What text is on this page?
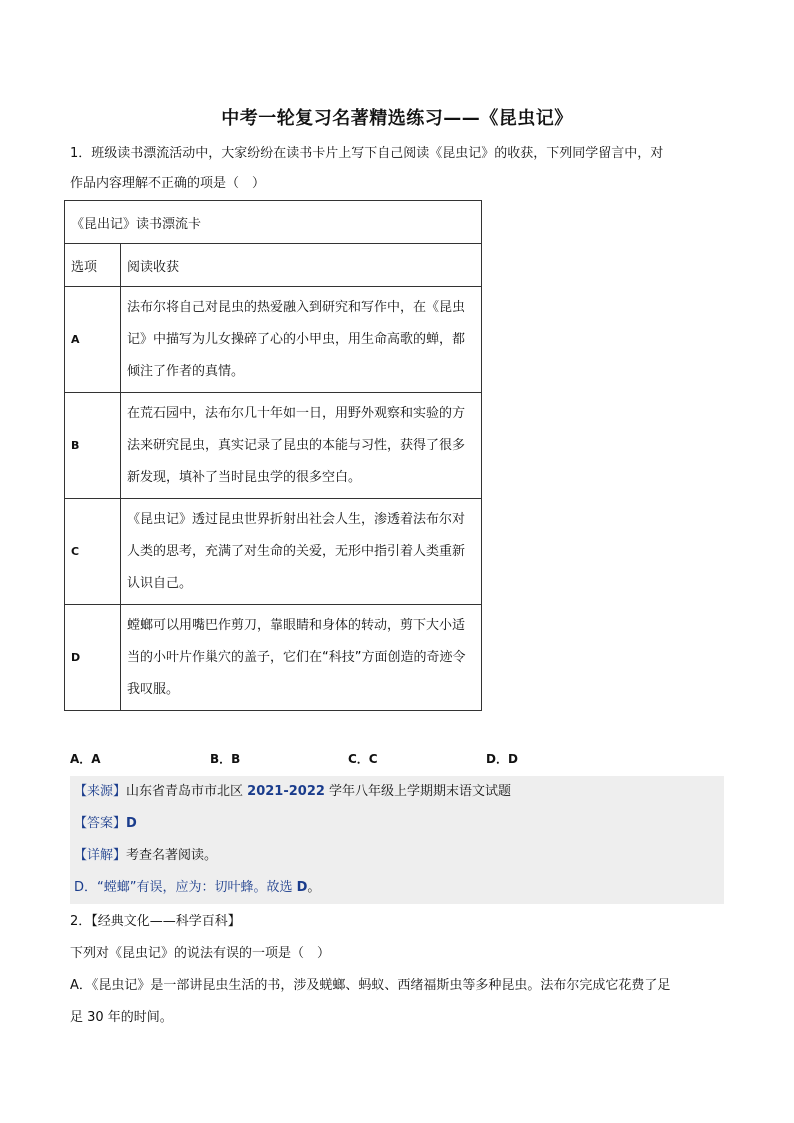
中考一轮复习名著精选练习——《昆虫记》
1．班级读书漂流活动中，大家纷纷在读书卡片上写下自己阅读《昆虫记》的收获，下列同学留言中，对
作品内容理解不正确的项是（　）
《昆出记》读书漂流卡	
选项	阅读收获
A	法布尔将自己对昆虫的热爱融入到研究和写作中，在《昆虫记》中描写为儿女操碎了心的小甲虫，用生命高歌的蝉，都倾注了作者的真情。
B	在荒石园中，法布尔几十年如一日，用野外观察和实验的方法来研究昆虫，真实记录了昆虫的本能与习性，获得了很多新发现，填补了当时昆虫学的很多空白。
C	《昆虫记》透过昆虫世界折射出社会人生，渗透着法布尔对人类的思考，充满了对生命的关爱，无形中指引着人类重新认识自己。
D	螳螂可以用嘴巴作剪刀，靠眼睛和身体的转动，剪下大小适当的小叶片作巢穴的盖子，它们在“科技”方面创造的奇迹令我叹服。
A．A	B．B	C．C	D．D
【来源】山东省青岛市市北区 2021-2022 学年八年级上学期期末语文试题
【答案】D
【详解】考查名著阅读。
D．“螳螂”有误，应为：切叶蜂。故选 D。
2．【经典文化——科学百科】
下列对《昆虫记》的说法有误的一项是（　）
A．《昆虫记》是一部讲昆虫生活的书，涉及蜣螂、蚂蚁、西绪福斯虫等多种昆虫。法布尔完成它花费了足
足 30 年的时间。
